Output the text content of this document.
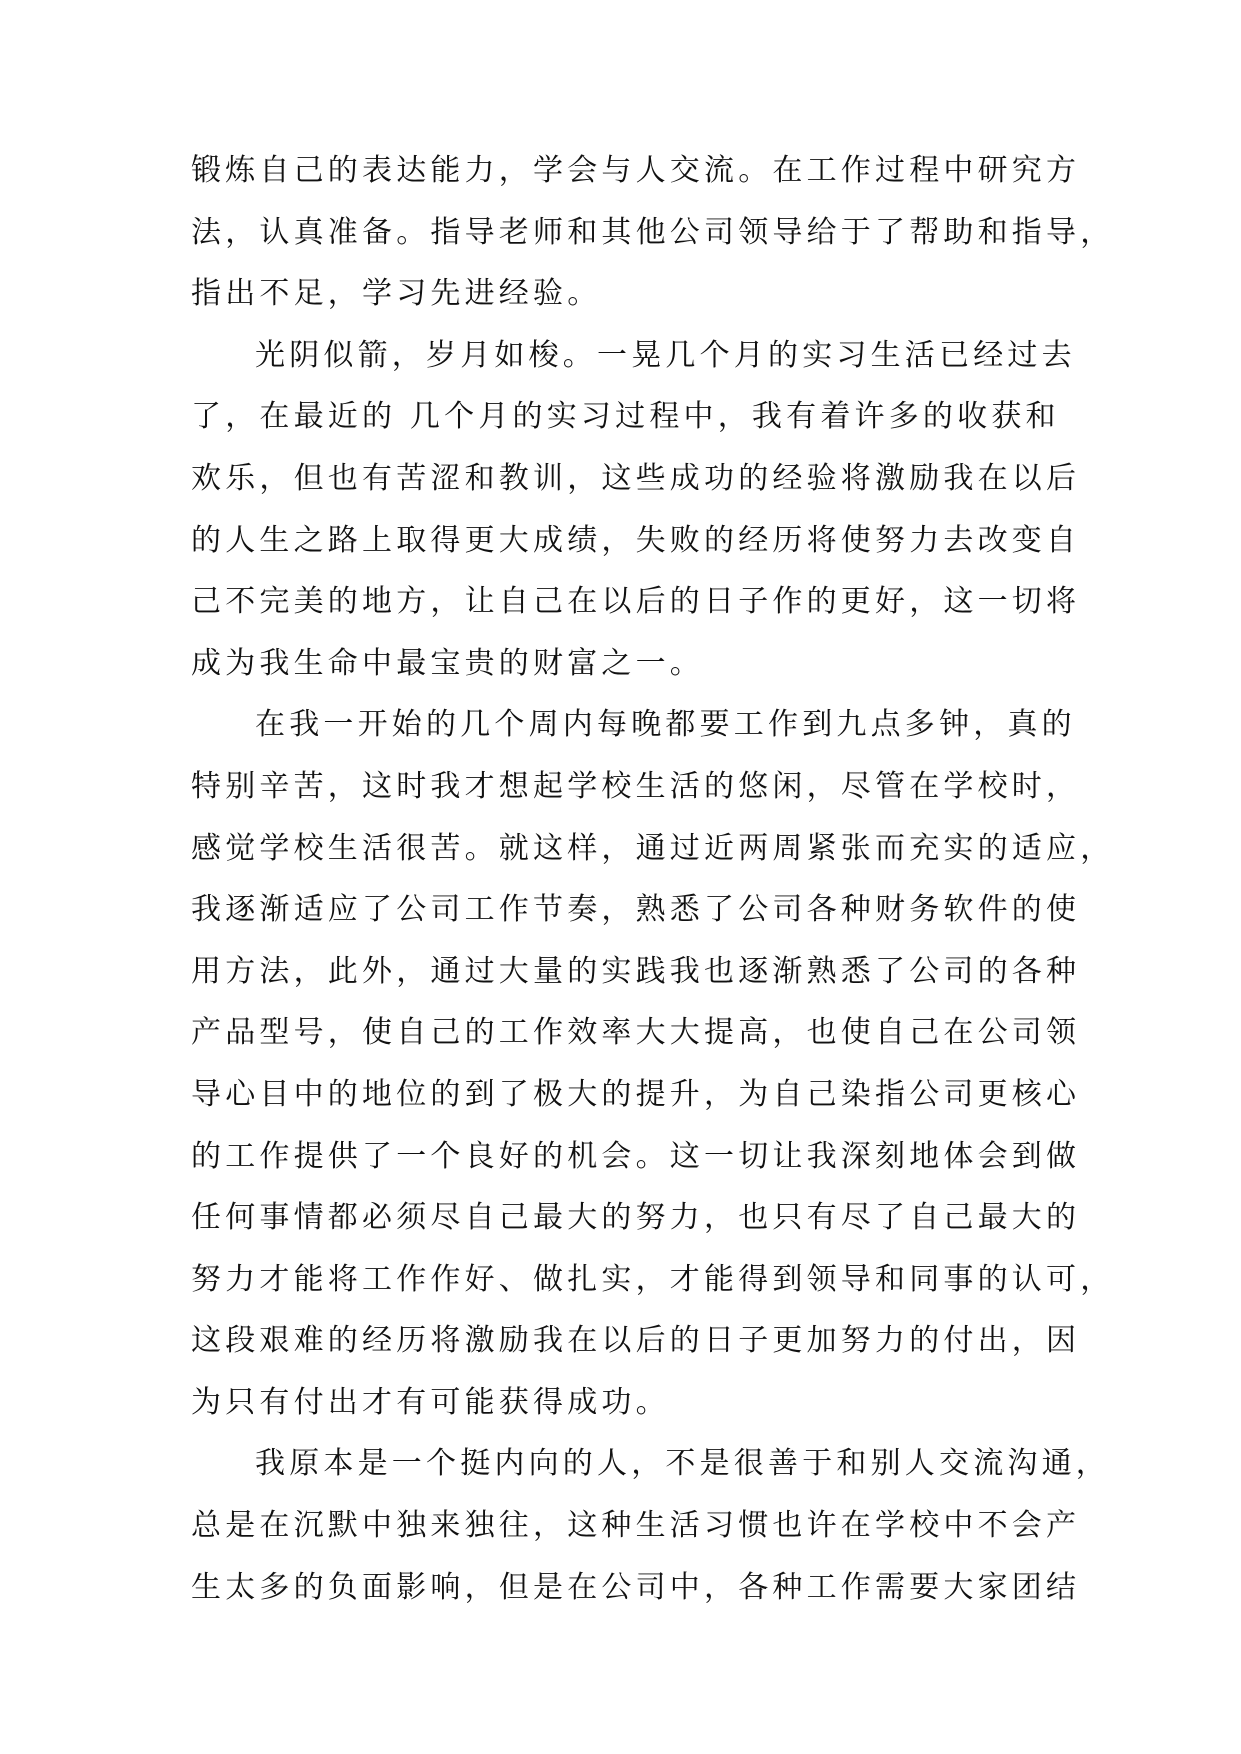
锻炼自己的表达能力，学会与人交流。在工作过程中研究方
法，认真准备。指导老师和其他公司领导给于了帮助和指导，
指出不足，学习先进经验。
光阴似箭，岁月如梭。一晃几个月的实习生活已经过去
了，在最近的 几个月的实习过程中，我有着许多的收获和
欢乐，但也有苦涩和教训，这些成功的经验将激励我在以后
的人生之路上取得更大成绩，失败的经历将使努力去改变自
己不完美的地方，让自己在以后的日子作的更好，这一切将
成为我生命中最宝贵的财富之一。
在我一开始的几个周内每晚都要工作到九点多钟，真的
特别辛苦，这时我才想起学校生活的悠闲，尽管在学校时，
感觉学校生活很苦。就这样，通过近两周紧张而充实的适应，
我逐渐适应了公司工作节奏，熟悉了公司各种财务软件的使
用方法，此外，通过大量的实践我也逐渐熟悉了公司的各种
产品型号，使自己的工作效率大大提高，也使自己在公司领
导心目中的地位的到了极大的提升，为自己染指公司更核心
的工作提供了一个良好的机会。这一切让我深刻地体会到做
任何事情都必须尽自己最大的努力，也只有尽了自己最大的
努力才能将工作作好、做扎实，才能得到领导和同事的认可，
这段艰难的经历将激励我在以后的日子更加努力的付出，因
为只有付出才有可能获得成功。
我原本是一个挺内向的人，不是很善于和别人交流沟通，
总是在沉默中独来独往，这种生活习惯也许在学校中不会产
生太多的负面影响，但是在公司中，各种工作需要大家团结
